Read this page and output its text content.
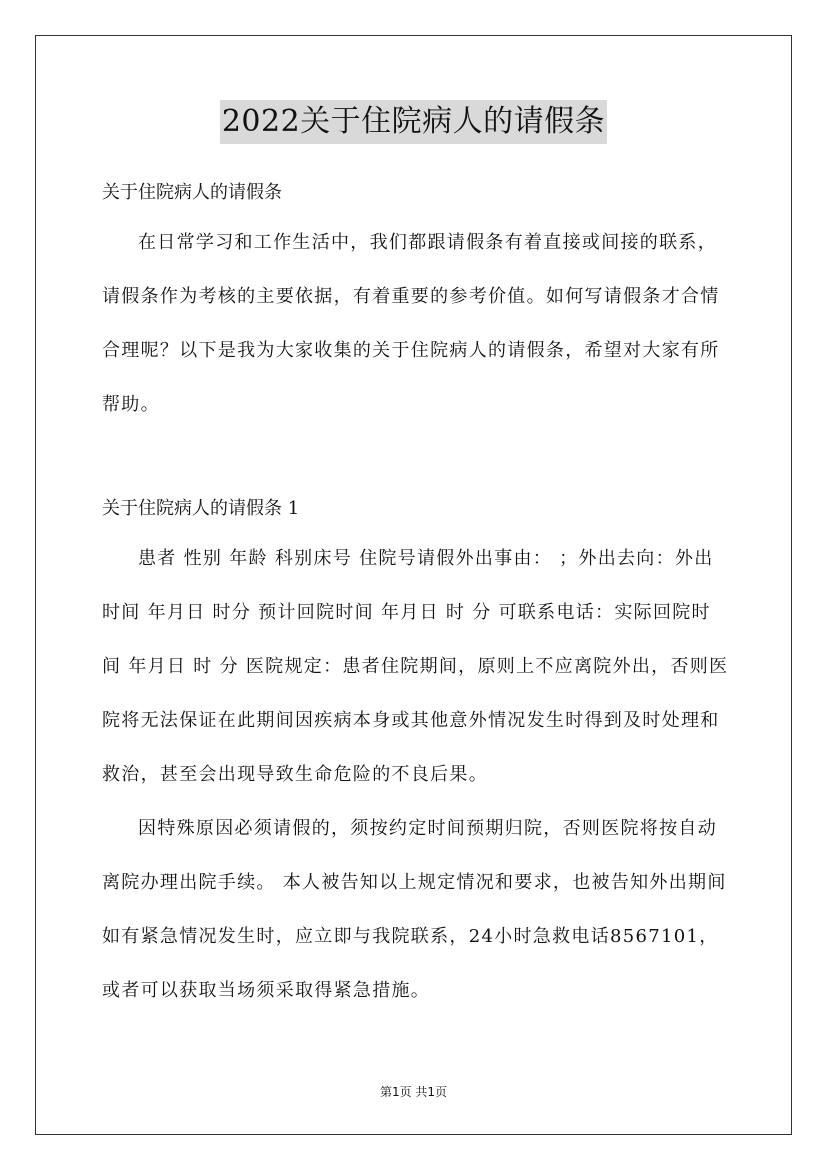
2022关于住院病人的请假条

关于住院病人的请假条

在日常学习和工作生活中，我们都跟请假条有着直接或间接的联系，请假条作为考核的主要依据，有着重要的参考价值。如何写请假条才合情合理呢？以下是我为大家收集的关于住院病人的请假条，希望对大家有所帮助。

关于住院病人的请假条 1

患者 性别 年龄 科别床号 住院号请假外出事由： ；外出去向：外出时间 年月日 时分 预计回院时间 年月日 时 分 可联系电话：实际回院时间 年月日 时 分 医院规定：患者住院期间，原则上不应离院外出，否则医院将无法保证在此期间因疾病本身或其他意外情况发生时得到及时处理和救治，甚至会出现导致生命危险的不良后果。

因特殊原因必须请假的，须按约定时间预期归院，否则医院将按自动离院办理出院手续。 本人被告知以上规定情况和要求，也被告知外出期间如有紧急情况发生时，应立即与我院联系，24小时急救电话8567101，或者可以获取当场须采取得紧急措施。

第1页 共1页
